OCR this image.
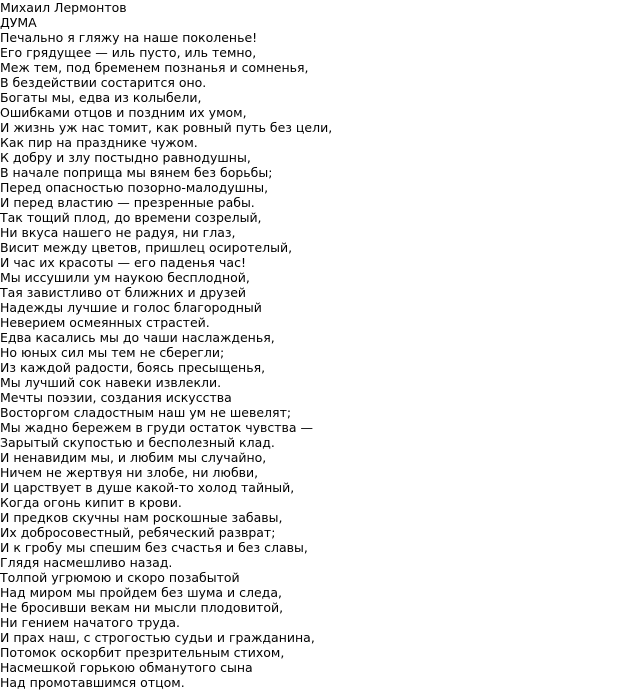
Михаил Лермонтов
ДУМА
Печально я гляжу на наше поколенье!
Его грядущее — иль пусто, иль темно,
Меж тем, под бременем познанья и сомненья,
В бездействии состарится оно.
Богаты мы, едва из колыбели,
Ошибками отцов и поздним их умом,
И жизнь уж нас томит, как ровный путь без цели,
Как пир на празднике чужом.
К добру и злу постыдно равнодушны,
В начале поприща мы вянем без борьбы;
Перед опасностью позорно-малодушны,
И перед властию — презренные рабы.
Так тощий плод, до времени созрелый,
Ни вкуса нашего не радуя, ни глаз,
Висит между цветов, пришлец осиротелый,
И час их красоты — его паденья час!
Мы иссушили ум наукою бесплодной,
Тая завистливо от ближних и друзей
Надежды лучшие и голос благородный
Неверием осмеянных страстей.
Едва касались мы до чаши наслажденья,
Но юных сил мы тем не сберегли;
Из каждой радости, боясь пресыщенья,
Мы лучший сок навеки извлекли.
Мечты поэзии, создания искусства
Восторгом сладостным наш ум не шевелят;
Мы жадно бережем в груди остаток чувства —
Зарытый скупостью и бесполезный клад.
И ненавидим мы, и любим мы случайно,
Ничем не жертвуя ни злобе, ни любви,
И царствует в душе какой-то холод тайный,
Когда огонь кипит в крови.
И предков скучны нам роскошные забавы,
Их добросовестный, ребяческий разврат;
И к гробу мы спешим без счастья и без славы,
Глядя насмешливо назад.
Толпой угрюмою и скоро позабытой
Над миром мы пройдем без шума и следа,
Не бросивши векам ни мысли плодовитой,
Ни гением начатого труда.
И прах наш, с строгостью судьи и гражданина,
Потомок оскорбит презрительным стихом,
Насмешкой горькою обманутого сына
Над промотавшимся отцом.
